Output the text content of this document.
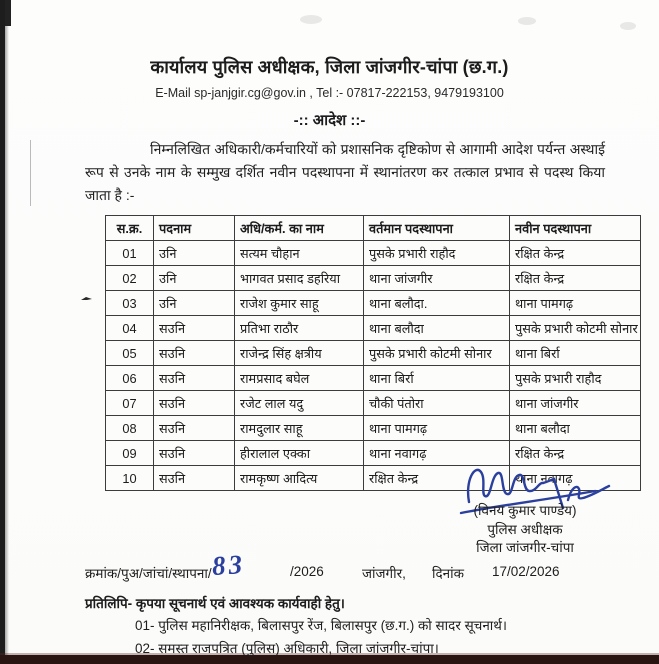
कार्यालय पुलिस अधीक्षक, जिला जांजगीर-चांपा (छ.ग.)
E-Mail sp-janjgir.cg@gov.in , Tel :- 07817-222153, 9479193100
-:: आदेश ::-
निम्नलिखित अधिकारी/कर्मचारियों को प्रशासनिक दृष्टिकोण से आगामी आदेश पर्यन्त अस्थाई रूप से उनके नाम के सम्मुख दर्शित नवीन पदस्थापना में स्थानांतरण कर तत्काल प्रभाव से पदस्थ किया जाता है :-
स.क्र.	पदनाम	अधि/कर्म. का नाम	वर्तमान पदस्थापना	नवीन पदस्थापना
01	उनि	सत्यम चौहान	पुसके प्रभारी राहौद	रक्षित केन्द्र
02	उनि	भागवत प्रसाद डहरिया	थाना जांजगीर	रक्षित केन्द्र
03	उनि	राजेश कुमार साहू	थाना बलौदा.	थाना पामगढ़
04	सउनि	प्रतिभा राठौर	थाना बलौदा	पुसके प्रभारी कोटमी सोनार
05	सउनि	राजेन्द्र सिंह क्षत्रीय	पुसके प्रभारी कोटमी सोनार	थाना बिर्रा
06	सउनि	रामप्रसाद बघेल	थाना बिर्रा	पुसके प्रभारी राहौद
07	सउनि	रजेट लाल यदु	चौकी पंतोरा	थाना जांजगीर
08	सउनि	रामदुलार साहू	थाना पामगढ़	थाना बलौदा
09	सउनि	हीरालाल एक्का	थाना नवागढ़	रक्षित केन्द्र
10	सउनि	रामकृष्ण आदित्य	रक्षित केन्द्र	थाना नवागढ़
(विनय कुमार पाण्डेय)
पुलिस अधीक्षक
जिला जांजगीर-चांपा
क्रमांक/पुअ/जांचां/स्थापना/ 83	/2026	जांजगीर, दिनांक 17/02/2026
प्रतिलिपि- कृपया सूचनार्थ एवं आवश्यक कार्यवाही हेतु।
01- पुलिस महानिरीक्षक, बिलासपुर रेंज, बिलासपुर (छ.ग.) को सादर सूचनार्थ।
02- समस्त राजपत्रित (पुलिस) अधिकारी, जिला जांजगीर-चांपा।
